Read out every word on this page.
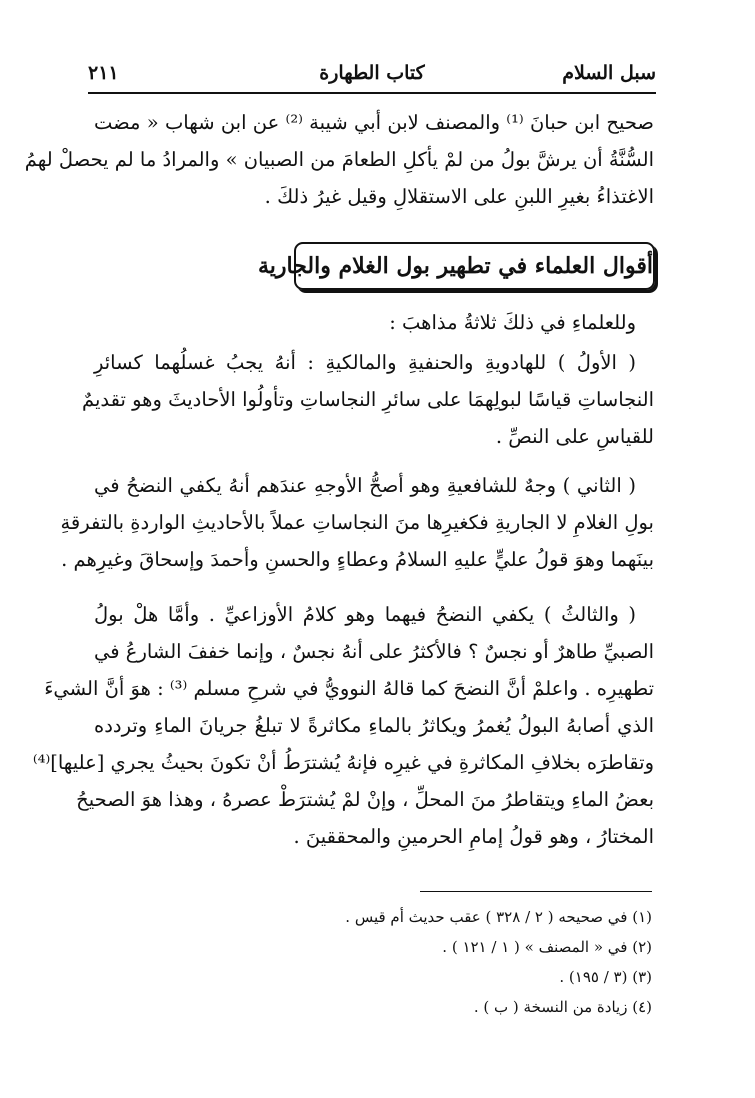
سبل السلام
كتاب الطهارة
٢١١
صحيح ابن حبانَ ⁽¹⁾ والمصنف لابن أبي شيبة ⁽²⁾ عن ابن شهاب « مضت
السُّنَّةُ أن يرشَّ بولُ من لمْ يأكلِ الطعامَ من الصبيان » والمرادُ ما لم يحصلْ لهمُ
الاغتذاءُ بغيرِ اللبنِ على الاستقلالِ وقيل غيرُ ذلكَ .
أقوال العلماء في تطهير بول الغلام والجارية
وللعلماءِ في ذلكَ ثلاثةُ مذاهبَ :
( الأولُ ) للهادويةِ والحنفيةِ والمالكيةِ : أنهُ يجبُ غسلُهما كسائرِ
النجاساتِ قياسًا لبولِهمَا على سائرِ النجاساتِ وتأولُوا الأحاديثَ وهو تقديمٌ
للقياسِ على النصِّ .
( الثاني ) وجهٌ للشافعيةِ وهو أصحُّ الأوجهِ عندَهم أنهُ يكفي النضحُ في
بولِ الغلامِ لا الجاريةِ فكغيرِها منَ النجاساتِ عملاً بالأحاديثِ الواردةِ بالتفرقةِ
بينَهما وهوَ قولُ عليٍّ عليهِ السلامُ وعطاءٍ والحسنِ وأحمدَ وإسحاقَ وغيرِهم .
( والثالثُ ) يكفي النضحُ فيهما وهو كلامُ الأوزاعيِّ . وأمَّا هلْ بولُ
الصبيِّ طاهرٌ أو نجسٌ ؟ فالأكثرُ على أنهُ نجسٌ ، وإنما خففَ الشارعُ في
تطهيرِه . واعلمْ أنَّ النضحَ كما قالهُ النوويُّ في شرحِ مسلم ⁽³⁾ : هوَ أنَّ الشيءَ
الذي أصابهُ البولُ يُغمرُ ويكاثرُ بالماءِ مكاثرةً لا تبلغُ جريانَ الماءِ وتردده
وتقاطرَه بخلافِ المكاثرةِ في غيرِه فإنهُ يُشترَطُ أنْ تكونَ بحيثُ يجري [عليها]⁽⁴⁾
بعضُ الماءِ ويتقاطرُ منَ المحلِّ ، وإنْ لمْ يُشترَطْ عصرهُ ، وهذا هوَ الصحيحُ
المختارُ ، وهو قولُ إمامِ الحرمينِ والمحققينَ .
(١) في صحيحه ( ٢ / ٣٢٨ ) عقب حديث أم قيس .
(٢) في « المصنف » ( ١ / ١٢١ ) .
(٣) (٣ / ١٩٥) .
(٤) زيادة من النسخة ( ب ) .
